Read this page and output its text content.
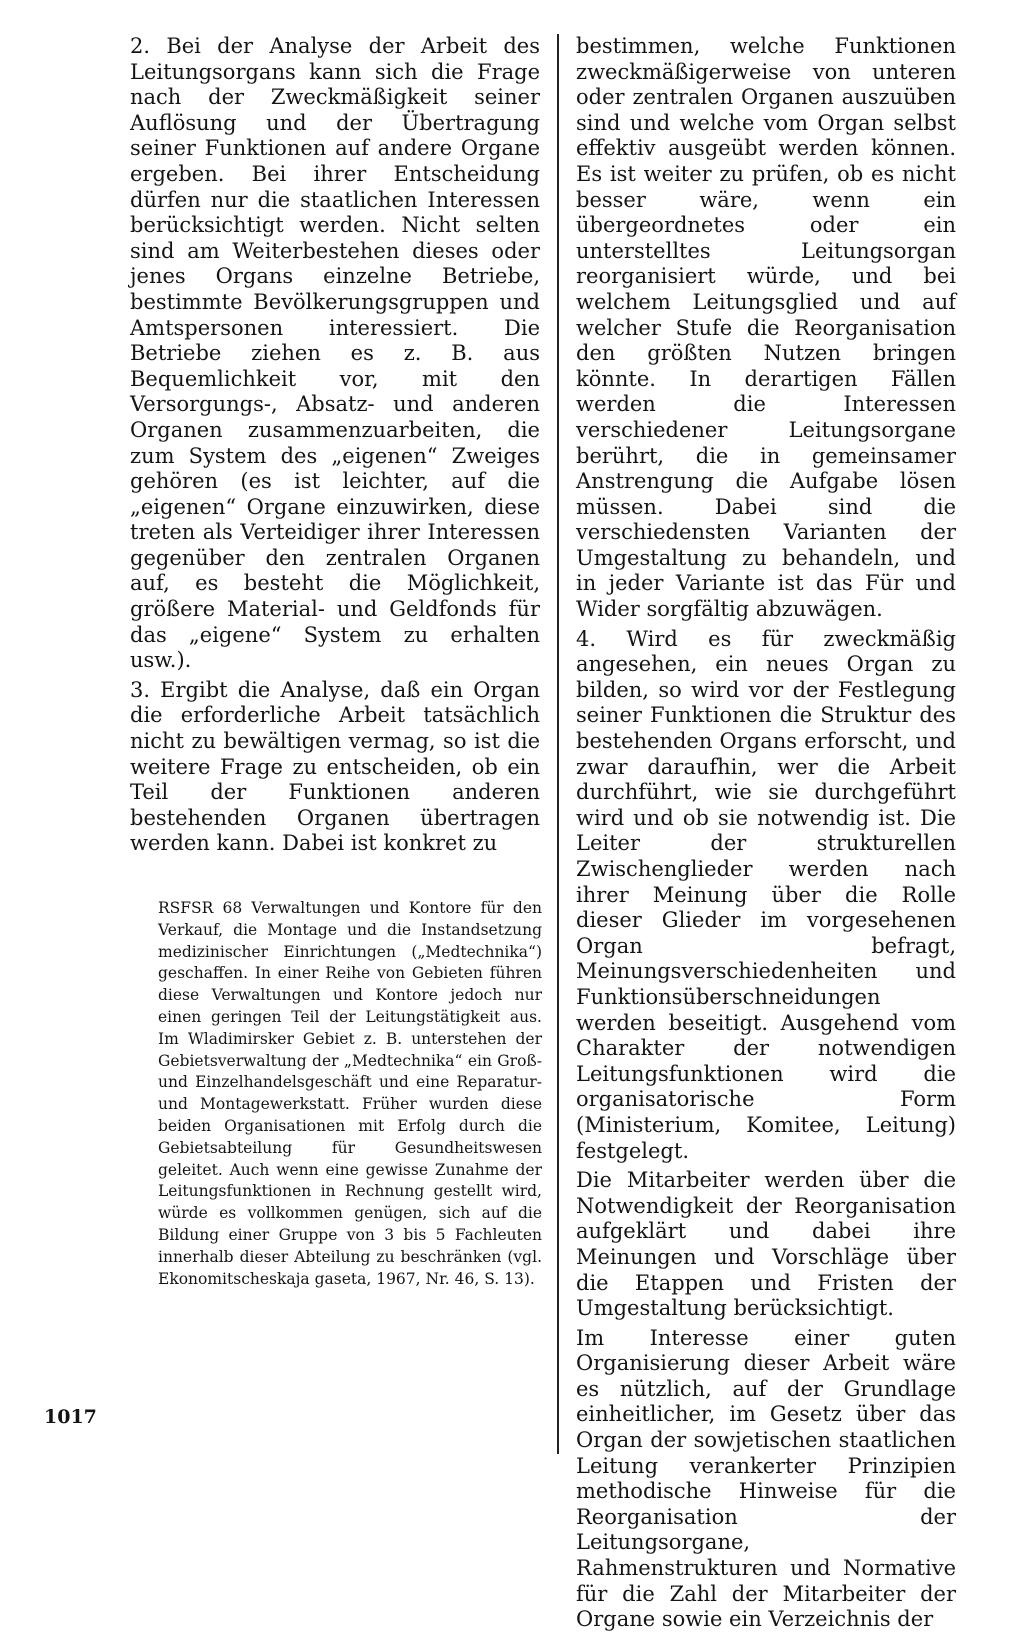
2. Bei der Analyse der Arbeit des Leitungsorgans kann sich die Frage nach der Zweckmäßigkeit seiner Auflösung und der Übertragung seiner Funktionen auf andere Organe ergeben. Bei ihrer Entscheidung dürfen nur die staatlichen Interessen berücksichtigt werden. Nicht selten sind am Weiterbestehen dieses oder jenes Organs einzelne Betriebe, bestimmte Bevölkerungsgruppen und Amtspersonen interessiert. Die Betriebe ziehen es z. B. aus Bequemlichkeit vor, mit den Versorgungs-, Absatz- und anderen Organen zusammenzuarbeiten, die zum System des „eigenen“ Zweiges gehören (es ist leichter, auf die „eigenen“ Organe einzuwirken, diese treten als Verteidiger ihrer Interessen gegenüber den zentralen Organen auf, es besteht die Möglichkeit, größere Material- und Geldfonds für das „eigene“ System zu erhalten usw.).

3. Ergibt die Analyse, daß ein Organ die erforderliche Arbeit tatsächlich nicht zu bewältigen vermag, so ist die weitere Frage zu entscheiden, ob ein Teil der Funktionen anderen bestehenden Organen übertragen werden kann. Dabei ist konkret zu

RSFSR 68 Verwaltungen und Kontore für den Verkauf, die Montage und die Instandsetzung medizinischer Einrichtungen („Medtechnika“) geschaffen. In einer Reihe von Gebieten führen diese Verwaltungen und Kontore jedoch nur einen geringen Teil der Leitungstätigkeit aus. Im Wladimirsker Gebiet z. B. unterstehen der Gebietsverwaltung der „Medtechnika“ ein Groß- und Einzelhandelsgeschäft und eine Reparatur- und Montagewerkstatt. Früher wurden diese beiden Organisationen mit Erfolg durch die Gebietsabteilung für Gesundheitswesen geleitet. Auch wenn eine gewisse Zunahme der Leitungsfunktionen in Rechnung gestellt wird, würde es vollkommen genügen, sich auf die Bildung einer Gruppe von 3 bis 5 Fachleuten innerhalb dieser Abteilung zu beschränken (vgl. Ekonomitscheskaja gaseta, 1967, Nr. 46, S. 13).

1017

bestimmen, welche Funktionen zweckmäßigerweise von unteren oder zentralen Organen auszuüben sind und welche vom Organ selbst effektiv ausgeübt werden können. Es ist weiter zu prüfen, ob es nicht besser wäre, wenn ein übergeordnetes oder ein unterstelltes Leitungsorgan reorganisiert würde, und bei welchem Leitungsglied und auf welcher Stufe die Reorganisation den größten Nutzen bringen könnte. In derartigen Fällen werden die Interessen verschiedener Leitungsorgane berührt, die in gemeinsamer Anstrengung die Aufgabe lösen müssen. Dabei sind die verschiedensten Varianten der Umgestaltung zu behandeln, und in jeder Variante ist das Für und Wider sorgfältig abzuwägen.

4. Wird es für zweckmäßig angesehen, ein neues Organ zu bilden, so wird vor der Festlegung seiner Funktionen die Struktur des bestehenden Organs erforscht, und zwar daraufhin, wer die Arbeit durchführt, wie sie durchgeführt wird und ob sie notwendig ist. Die Leiter der strukturellen Zwischenglieder werden nach ihrer Meinung über die Rolle dieser Glieder im vorgesehenen Organ befragt, Meinungsverschiedenheiten und Funktionsüberschneidungen werden beseitigt. Ausgehend vom Charakter der notwendigen Leitungsfunktionen wird die organisatorische Form (Ministerium, Komitee, Leitung) festgelegt.

Die Mitarbeiter werden über die Notwendigkeit der Reorganisation aufgeklärt und dabei ihre Meinungen und Vorschläge über die Etappen und Fristen der Umgestaltung berücksichtigt.

Im Interesse einer guten Organisierung dieser Arbeit wäre es nützlich, auf der Grundlage einheitlicher, im Gesetz über das Organ der sowjetischen staatlichen Leitung verankerter Prinzipien methodische Hinweise für die Reorganisation der Leitungsorgane, Rahmenstrukturen und Normative für die Zahl der Mitarbeiter der Organe sowie ein Verzeichnis der
